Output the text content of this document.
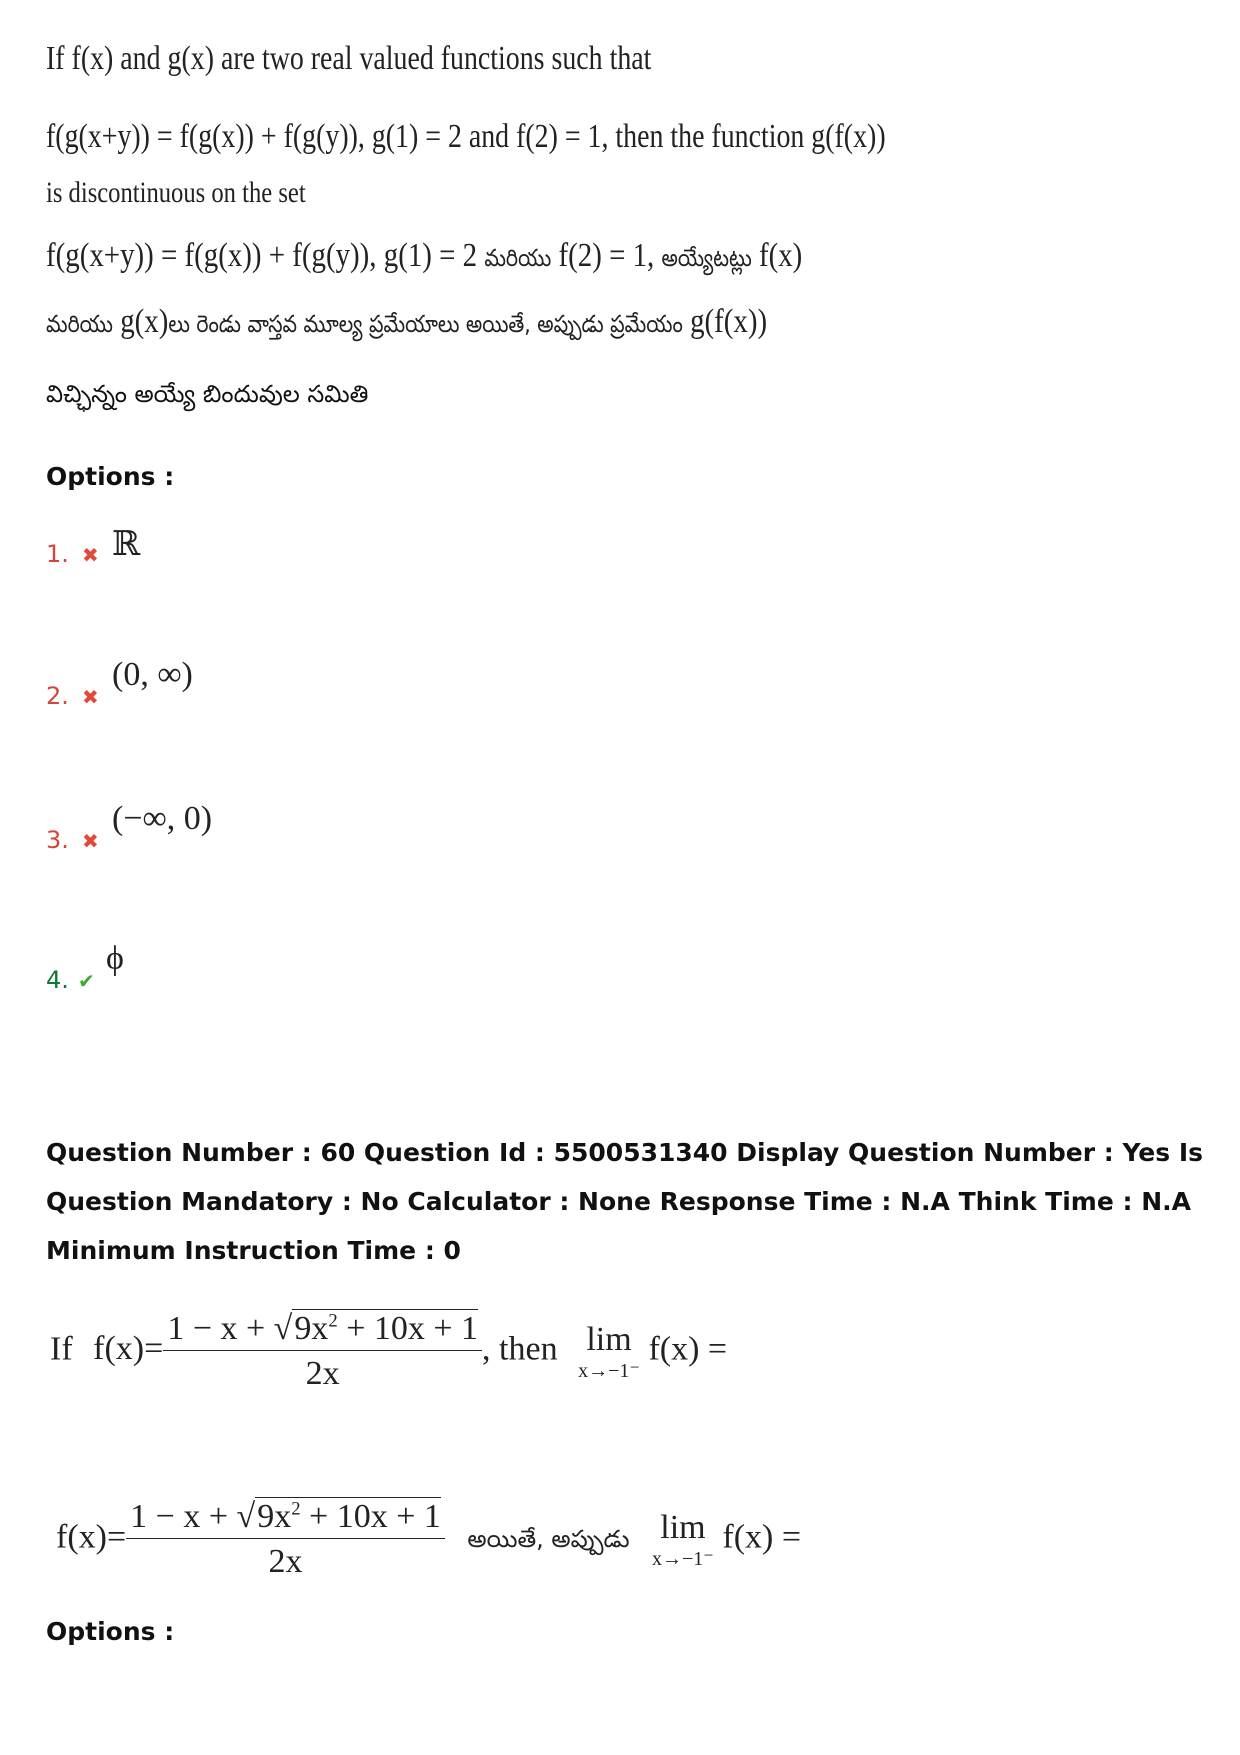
If f(x) and g(x) are two real valued functions such that
f(g(x+y)) = f(g(x)) + f(g(y)), g(1) = 2 and f(2) = 1, then the function g(f(x))
is discontinuous on the set
f(g(x+y)) = f(g(x)) + f(g(y)), g(1) = 2 మరియు f(2) = 1, అయ్యేటట్లు f(x)
మరియు g(x)లు రెండు వాస్తవ మూల్య ప్రమేయాలు అయితే, అప్పుడు ప్రమేయం g(f(x))
విచ్ఛిన్నం అయ్యే బిందువుల సమితి
Options :
1. ✖ ℝ
2. ✖
(0, ∞)
3. ✖
(−∞, 0)
4. ✔
ϕ
Question Number : 60 Question Id : 5500531340 Display Question Number : Yes Is Question Mandatory : No Calculator : None Response Time : N.A Think Time : N.A Minimum Instruction Time : 0
If $f(x)= \frac{1 - x + √9x^2 + 10x + 1}{2x}$ , then lim
x→−1⁻
f(x) =
$f(x)= \frac{1 - x + √9x^2 + 10x + 1}{2x}$ అయితే, అప్పుడు lim
x→−1⁻
f(x) =
Options :
